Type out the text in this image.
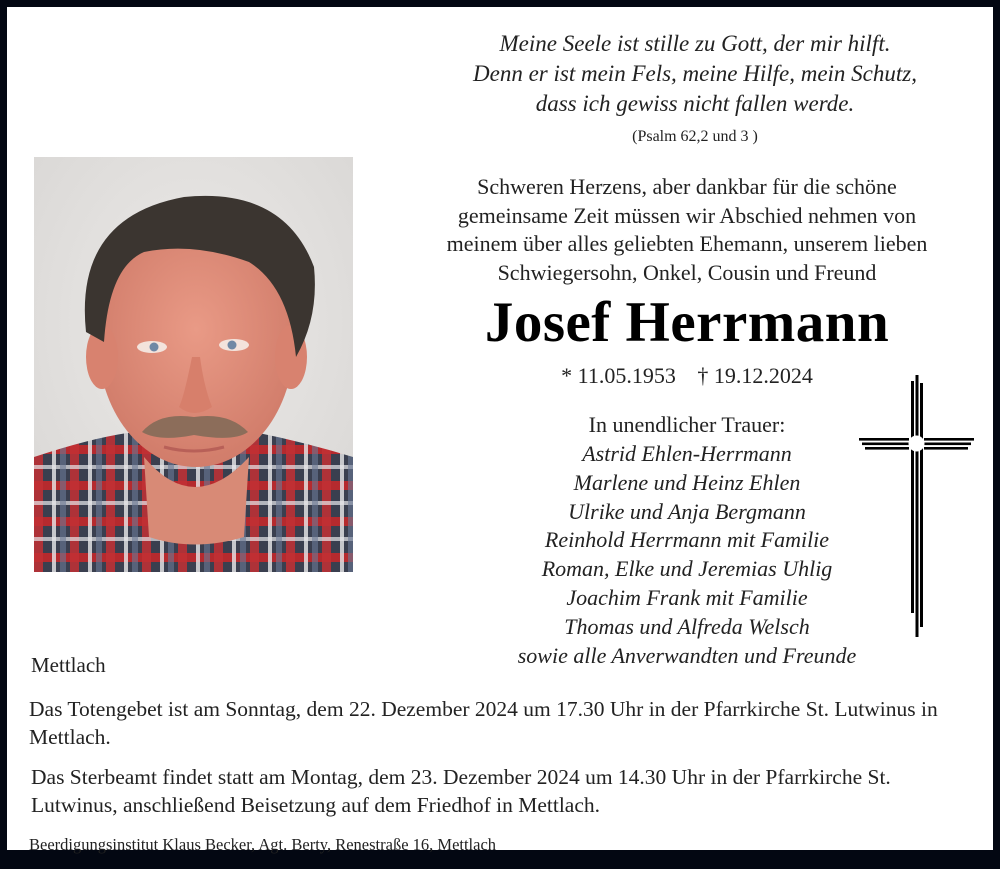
Meine Seele ist stille zu Gott, der mir hilft.
Denn er ist mein Fels, meine Hilfe, mein Schutz,
dass ich gewiss nicht fallen werde.
(Psalm 62,2 und 3 )
Schweren Herzens, aber dankbar für die schöne
gemeinsame Zeit müssen wir Abschied nehmen von
meinem über alles geliebten Ehemann, unserem lieben
Schwiegersohn, Onkel, Cousin und Freund
Josef Herrmann
* 11.05.1953 † 19.12.2024
In unendlicher Trauer:
Astrid Ehlen-Herrmann
Marlene und Heinz Ehlen
Ulrike und Anja Bergmann
Reinhold Herrmann mit Familie
Roman, Elke und Jeremias Uhlig
Joachim Frank mit Familie
Thomas und Alfreda Welsch
sowie alle Anverwandten und Freunde
Mettlach
Das Totengebet ist am Sonntag, dem 22. Dezember 2024 um 17.30 Uhr in der Pfarrkirche St. Lutwinus in Mettlach.
Das Sterbeamt findet statt am Montag, dem 23. Dezember 2024 um 14.30 Uhr in der Pfarrkirche St. Lutwinus, anschließend Beisetzung auf dem Friedhof in Mettlach.
Beerdigungsinstitut Klaus Becker, Agt. Berty, Renestraße 16, Mettlach
